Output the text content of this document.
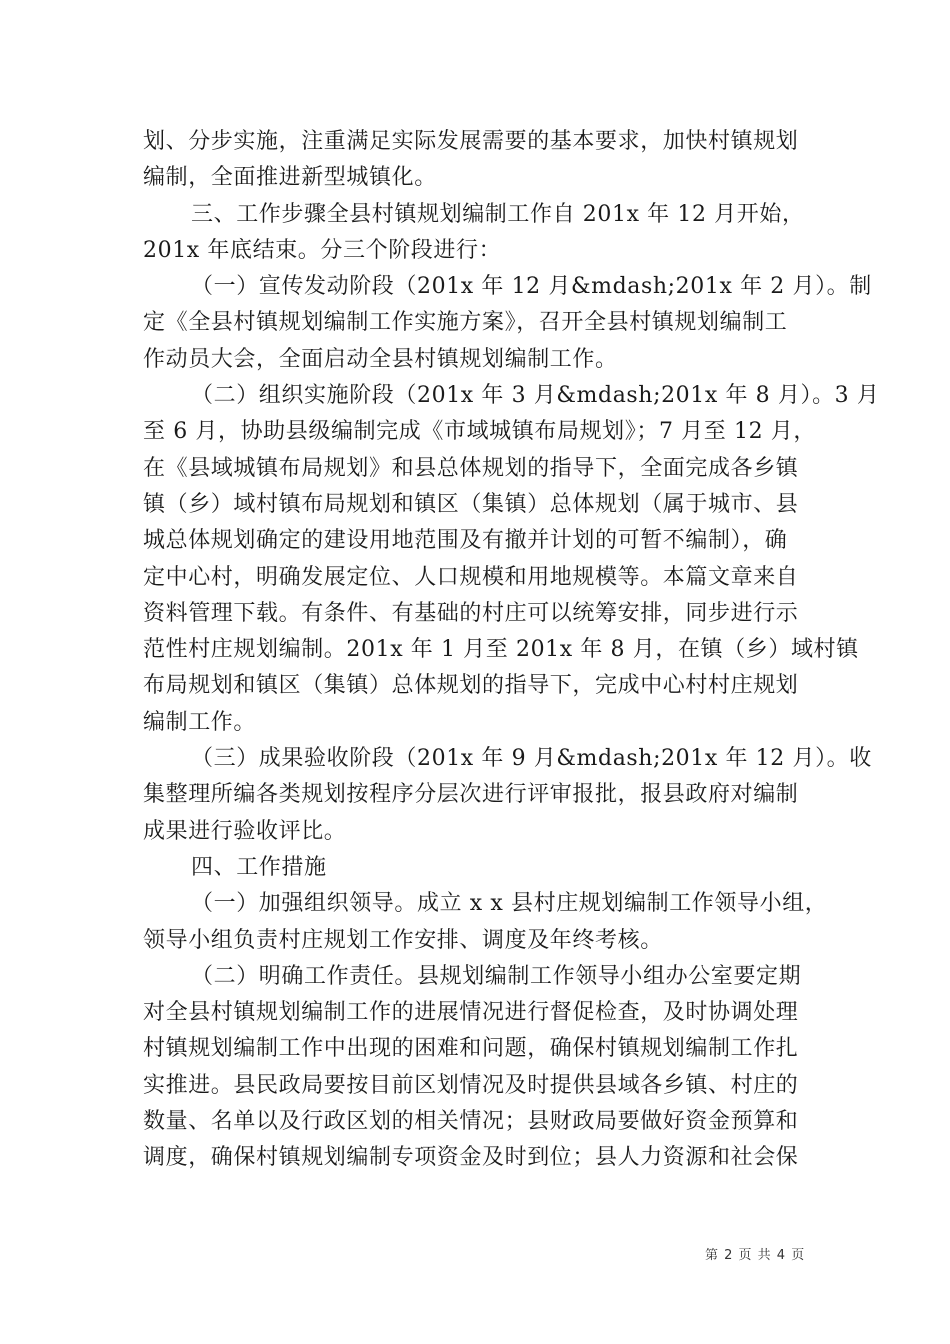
划、分步实施，注重满足实际发展需要的基本要求，加快村镇规划
编制，全面推进新型城镇化。
三、工作步骤全县村镇规划编制工作自 201x 年 12 月开始，
201x 年底结束。分三个阶段进行：
（一）宣传发动阶段（201x 年 12 月&mdash;201x 年 2 月）。制
定《全县村镇规划编制工作实施方案》，召开全县村镇规划编制工
作动员大会，全面启动全县村镇规划编制工作。
（二）组织实施阶段（201x 年 3 月&mdash;201x 年 8 月）。3 月
至 6 月，协助县级编制完成《市域城镇布局规划》；7 月至 12 月，
在《县域城镇布局规划》和县总体规划的指导下，全面完成各乡镇
镇（乡）域村镇布局规划和镇区（集镇）总体规划（属于城市、县
城总体规划确定的建设用地范围及有撤并计划的可暂不编制），确
定中心村，明确发展定位、人口规模和用地规模等。本篇文章来自
资料管理下载。有条件、有基础的村庄可以统筹安排，同步进行示
范性村庄规划编制。201x 年 1 月至 201x 年 8 月，在镇（乡）域村镇
布局规划和镇区（集镇）总体规划的指导下，完成中心村村庄规划
编制工作。
（三）成果验收阶段（201x 年 9 月&mdash;201x 年 12 月）。收
集整理所编各类规划按程序分层次进行评审报批，报县政府对编制
成果进行验收评比。
四、工作措施
（一）加强组织领导。成立 x x 县村庄规划编制工作领导小组，
领导小组负责村庄规划工作安排、调度及年终考核。
（二）明确工作责任。县规划编制工作领导小组办公室要定期
对全县村镇规划编制工作的进展情况进行督促检查，及时协调处理
村镇规划编制工作中出现的困难和问题，确保村镇规划编制工作扎
实推进。县民政局要按目前区划情况及时提供县域各乡镇、村庄的
数量、名单以及行政区划的相关情况；县财政局要做好资金预算和
调度，确保村镇规划编制专项资金及时到位；县人力资源和社会保
第 2 页 共 4 页
